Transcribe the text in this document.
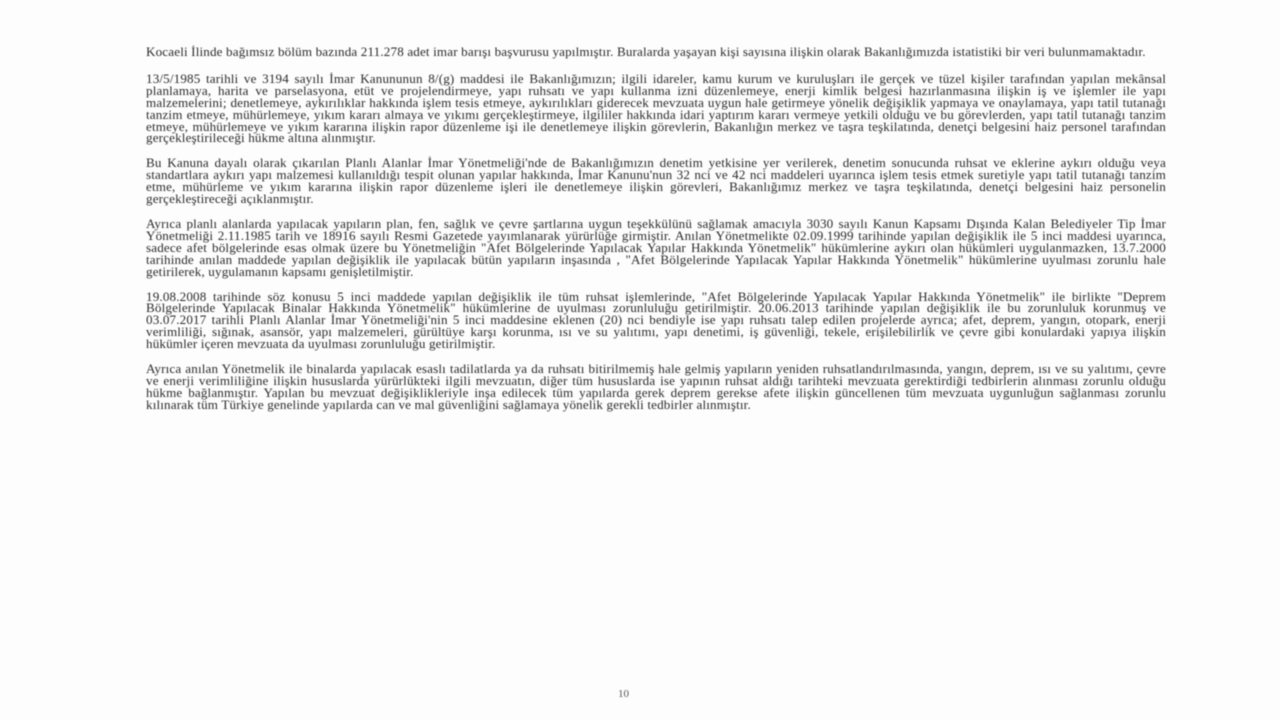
Kocaeli İlinde bağımsız bölüm bazında 211.278 adet imar barışı başvurusu yapılmıştır. Buralarda yaşayan kişi sayısına ilişkin olarak Bakanlığımızda istatistiki bir veri bulunmamaktadır.

13/5/1985 tarihli ve 3194 sayılı İmar Kanununun 8/(g) maddesi ile Bakanlığımızın; ilgili idareler, kamu kurum ve kuruluşları ile gerçek ve tüzel kişiler tarafından yapılan mekânsal planlamaya, harita ve parselasyona, etüt ve projelendirmeye, yapı ruhsatı ve yapı kullanma izni düzenlemeye, enerji kimlik belgesi hazırlanmasına ilişkin iş ve işlemler ile yapı malzemelerini; denetlemeye, aykırılıklar hakkında işlem tesis etmeye, aykırılıkları giderecek mevzuata uygun hale getirmeye yönelik değişiklik yapmaya ve onaylamaya, yapı tatil tutanağı tanzim etmeye, mühürlemeye, yıkım kararı almaya ve yıkımı gerçekleştirmeye, ilgililer hakkında idari yaptırım kararı vermeye yetkili olduğu ve bu görevlerden, yapı tatil tutanağı tanzim etmeye, mühürlemeye ve yıkım kararına ilişkin rapor düzenleme işi ile denetlemeye ilişkin görevlerin, Bakanlığın merkez ve taşra teşkilatında, denetçi belgesini haiz personel tarafından gerçekleştirileceği hükme altına alınmıştır.

Bu Kanuna dayalı olarak çıkarılan Planlı Alanlar İmar Yönetmeliği'nde de Bakanlığımızın denetim yetkisine yer verilerek, denetim sonucunda ruhsat ve eklerine aykırı olduğu veya standartlara aykırı yapı malzemesi kullanıldığı tespit olunan yapılar hakkında, İmar Kanunu'nun 32 nci ve 42 nci maddeleri uyarınca işlem tesis etmek suretiyle yapı tatil tutanağı tanzim etme, mühürleme ve yıkım kararına ilişkin rapor düzenleme işleri ile denetlemeye ilişkin görevleri, Bakanlığımız merkez ve taşra teşkilatında, denetçi belgesini haiz personelin gerçekleştireceği açıklanmıştır.

Ayrıca planlı alanlarda yapılacak yapıların plan, fen, sağlık ve çevre şartlarına uygun teşekkülünü sağlamak amacıyla 3030 sayılı Kanun Kapsamı Dışında Kalan Belediyeler Tip İmar Yönetmeliği 2.11.1985 tarih ve 18916 sayılı Resmi Gazetede yayımlanarak yürürlüğe girmiştir. Anılan Yönetmelikte 02.09.1999 tarihinde yapılan değişiklik ile 5 inci maddesi uyarınca, sadece afet bölgelerinde esas olmak üzere bu Yönetmeliğin "Afet Bölgelerinde Yapılacak Yapılar Hakkında Yönetmelik" hükümlerine aykırı olan hükümleri uygulanmazken, 13.7.2000 tarihinde anılan maddede yapılan değişiklik ile yapılacak bütün yapıların inşasında , "Afet Bölgelerinde Yapılacak Yapılar Hakkında Yönetmelik" hükümlerine uyulması zorunlu hale getirilerek, uygulamanın kapsamı genişletilmiştir.

19.08.2008 tarihinde söz konusu 5 inci maddede yapılan değişiklik ile tüm ruhsat işlemlerinde, "Afet Bölgelerinde Yapılacak Yapılar Hakkında Yönetmelik" ile birlikte "Deprem Bölgelerinde Yapılacak Binalar Hakkında Yönetmelik" hükümlerine de uyulması zorunluluğu getirilmiştir. 20.06.2013 tarihinde yapılan değişiklik ile bu zorunluluk korunmuş ve 03.07.2017 tarihli Planlı Alanlar İmar Yönetmeliği'nin 5 inci maddesine eklenen (20) nci bendiyle ise yapı ruhsatı talep edilen projelerde ayrıca; afet, deprem, yangın, otopark, enerji verimliliği, sığınak, asansör, yapı malzemeleri, gürültüye karşı korunma, ısı ve su yalıtımı, yapı denetimi, iş güvenliği, tekele, erişilebilirlik ve çevre gibi konulardaki yapıya ilişkin hükümler içeren mevzuata da uyulması zorunluluğu getirilmiştir.

Ayrıca anılan Yönetmelik ile binalarda yapılacak esaslı tadilatlarda ya da ruhsatı bitirilmemiş hale gelmiş yapıların yeniden ruhsatlandırılmasında, yangın, deprem, ısı ve su yalıtımı, çevre ve enerji verimliliğine ilişkin hususlarda yürürlükteki ilgili mevzuatın, diğer tüm hususlarda ise yapının ruhsat aldığı tarihteki mevzuata gerektirdiği tedbirlerin alınması zorunlu olduğu hükme bağlanmıştır. Yapılan bu mevzuat değişiklikleriyle inşa edilecek tüm yapılarda gerek deprem gerekse afete ilişkin güncellenen tüm mevzuata uygunluğun sağlanması zorunlu kılınarak tüm Türkiye genelinde yapılarda can ve mal güvenliğini sağlamaya yönelik gerekli tedbirler alınmıştır.

10
